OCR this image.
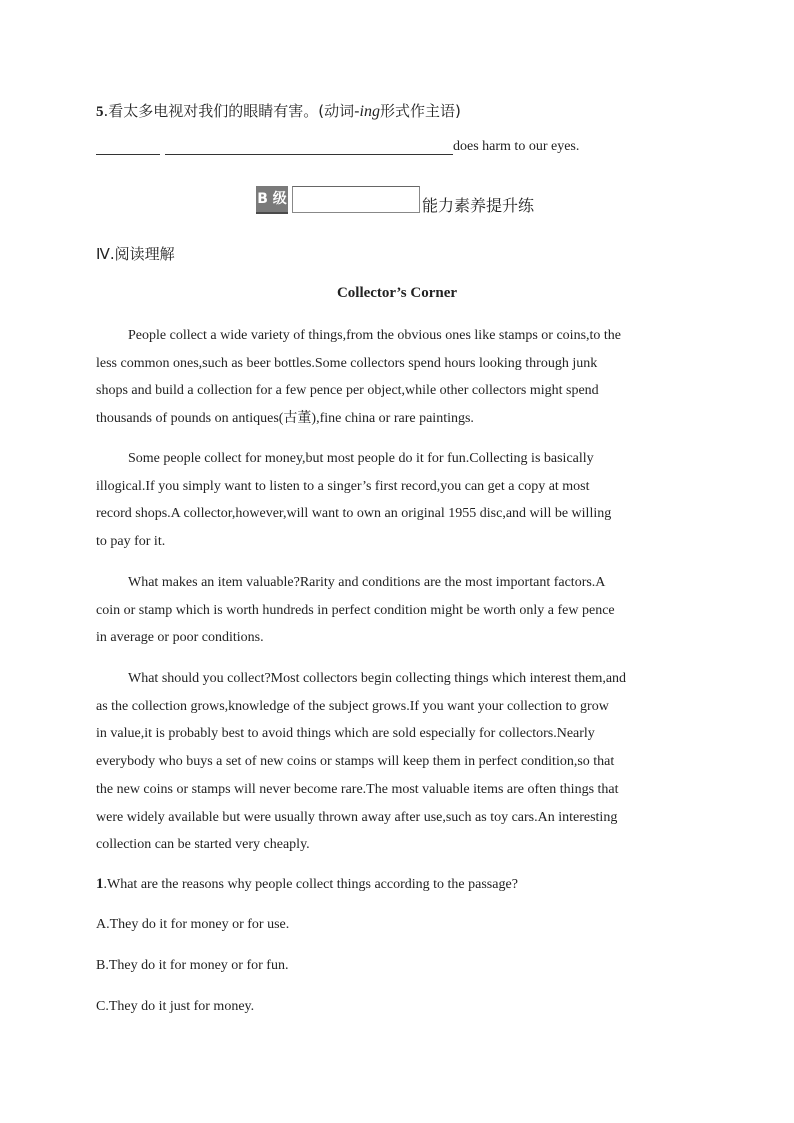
5.看太多电视对我们的眼睛有害。(动词-ing形式作主语)
does harm to our eyes.
B 级	能力素养提升练
Ⅳ.阅读理解
Collector’s Corner

People collect a wide variety of things,from the obvious ones like stamps or coins,to the

less common ones,such as beer bottles.Some collectors spend hours looking through junk

shops and build a collection for a few pence per object,while other collectors might spend

thousands of pounds on antiques(古董),fine china or rare paintings.

Some people collect for money,but most people do it for fun.Collecting is basically

illogical.If you simply want to listen to a singer’s first record,you can get a copy at most

record shops.A collector,however,will want to own an original 1955 disc,and will be willing

to pay for it.

What makes an item valuable?Rarity and conditions are the most important factors.A

coin or stamp which is worth hundreds in perfect condition might be worth only a few pence

in average or poor conditions.

What should you collect?Most collectors begin collecting things which interest them,and

as the collection grows,knowledge of the subject grows.If you want your collection to grow

in value,it is probably best to avoid things which are sold especially for collectors.Nearly

everybody who buys a set of new coins or stamps will keep them in perfect condition,so that

the new coins or stamps will never become rare.The most valuable items are often things that

were widely available but were usually thrown away after use,such as toy cars.An interesting

collection can be started very cheaply.

1.What are the reasons why people collect things according to the passage?
A.They do it for money or for use.
B.They do it for money or for fun.
C.They do it just for money.
